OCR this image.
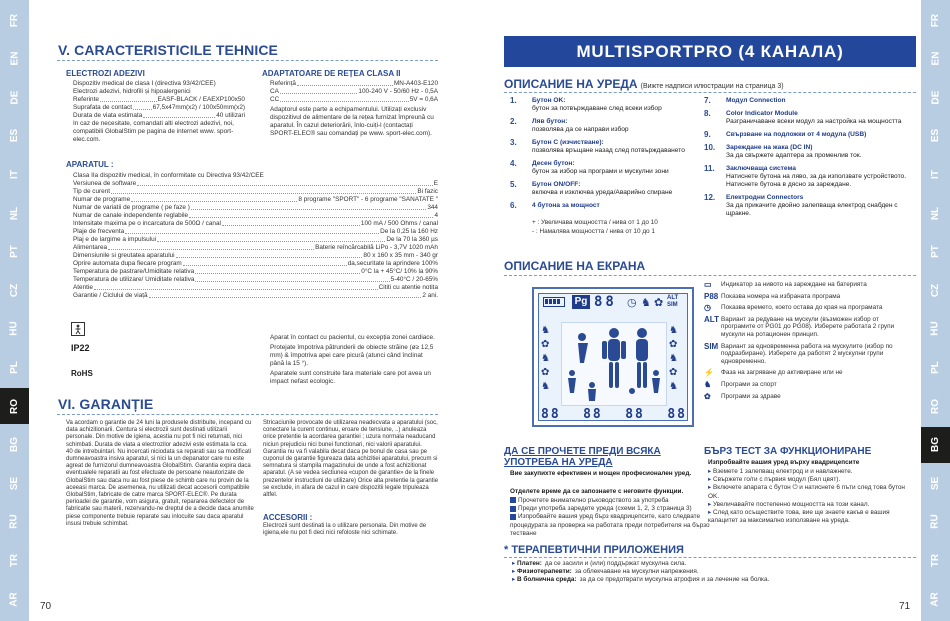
FR
EN
DE
ES
IT
NL
PT
CZ
HU
PL
RO
BG
SE
RU
TR
AR
FR
EN
DE
ES
IT
NL
PT
CZ
HU
PL
RO
BG
SE
RU
TR
AR
70	71
V. CARACTERISTICILE TEHNICE
ELECTROZI ADEZIVI
Dispozitiv medical de clasa I (directiva 93/42/CEE)
Electrozi adezivi, hidrofili și hipoalergenici
Referinte	EASF-BLACK / EAEXP100x50
Suprafata de contact	67,5x47mm(x2) / 100x50mm(x2)
Durata de viata estimata	40 utilizari
In caz de necesitate, comandati alti electrozi adezivi, noi, compatibili GlobalStim pe pagina de internet www. sport-elec.com.
ADAPTATOARE DE REȚEA CLASA II
Referință	MN-A403-E120
CA	100-240 V - 50/60 Hz - 0,5A
CC	5V = 0,6A
Adaptorul este parte a echipamentului. Utilizați exclusiv dispozitivul de alimentare de la rețea furnizat împreună cu aparatul. În cazul deteriorării, înlo-cuiți-l (contactați SPORT-ELEC® sau comandați pe www. sport-elec.com).
APARATUL :
Clasa IIa dispozitiv medical, în conformitate cu Directiva 93/42/CEE
Versiunea de software	E
Tip de curent	Bi fazic
Numar de programe	8 programe "SPORT" - 6 programe "SANATATE "
Numar de variatii de programe ( pe faze )	344
Numar de canale independente reglabile	4
Intensitate maxima pe o incarcatura de 500Ω / canal	100 mA / 500 Ohms / canal
Plaje de frecventa	De la 0,25 la 160 Hz
Plaj e de largime a impulsului	De la 70 la 360 µs
Alimentarea	Baterie reîncărcabilă LiPo - 3,7V 1020 mAh
Dimensiunile si greutatea aparatului	80 x 160 x 35 mm - 340 gr
Oprire automata dupa fiecare program	da,securitate la aprindere 100%
Temperatura de pastrare/Umiditate relativa	0°C la + 45°C/ 10% la 90%
Temperatura de utilizare/ Umiditate relativa	5-40°C / 20-65%
Atentie	Cititi cu atentie notita
Garantie / Ciclului de viață	2 ani.

Aparat în contact cu pacientul, cu excepția zonei cardiace.
IP22	Protejate împotriva pătrunderii de obiecte străine (ø≥ 12,5 mm) & împotriva apei care picură (atunci când înclinat până la 15 °).
RoHS	Aparatele sunt construite fara materiale care pot avea un impact nefast ecologic.
VI. GARANȚIE
Va acordam o garantie de 24 luni la produsele distribuite, incepand cu data achizitionarii. Centura si electrozii sunt destinati utilizarii personale. Din motive de igiena, acestia nu pot fi nici returnati, nici schimbati. Durata de viata a electrozilor adezivi este estimata la cca. 40 de intrebuintari. Nu incercati niciodata sa reparati sau sa modificati dumneavoastra insiva aparatul, si nici la un depanator care nu este agreat de furnizorul dumneavoastra GlobalStim. Garantia expira daca eventualele reparatii au fost efectuate de persoane neautorizate de GlobalStim sau daca nu au fost piese de schimb care nu provin de la aceeasi marca. De asemenea, nu utilizati decat accesorii compatibile GlobalStim, fabricate de catre marca SPORT-ELEC®. Pe durata perioadei de garantie, vom asigura, gratuit, repararea defectelor de fabricatie sau materii, rezervandu-ne dreptul de a decide daca anumite piese componente trebuie reparate sau inlocuite sau daca aparatul insusi trebuie schimbat.
Stricaciunile provocate de utilizarea neadecvata a aparatului (soc, conectare la curent continuu, eroare de tensiune, ..) anuleaza orice pretentie la acordarea garantiei ; uzura normala neaducand niciun prejudiciu nici bunei functionari, nici valorii aparatului. Garantia nu va fi valabila decat daca pe bonul de casa sau pe cuponul de garantie figureaza data achizitiei aparatului, precum si semnatura si stampila magazinului de unde a fost achizitionat aparatul. (A se vedea sectiunea «cupon de garantie» de la finele prezentelor instructiuni de utilizare) Orice alta pretentie la garantie se exclude, in afara de cazul in care dispozitii legale tripuleaza altfel.
ACCESORII :
Electrozii sunt destinati la o utilizare personala. Din motive de igiena,ele nu pot fi deci nici refoloste nici schimate.
MULTISPORTPRO (4 КАНАЛА)
ОПИСАНИЕ НА УРЕДА (Вижте надписи илюстрации на страница 3)
1.	Бутон OK:
бутон за потвърждаване след всеки избор
2.	Ляв бутон:
позволява да се направи избор
3.	Бутон C (изчистване):
позволява връщане назад след потвърждаването
4.	Десен бутон:
бутон за избор на програми и мускулни зони
5.	Бутон ON/OFF:
включва и изключва уреда/Аварийно спиране
6.	4 бутона за мощност
+ : Увеличава мощността / нива от 1 до 10
- : Намалява мощността / нива от 10 до 1
7.	Модул Connection
8.	Color Indicator Module
Разграничаване всеки модул за настройка на мощността
9.	Свързване на подложки от 4 модула (USB)
10.	Зареждане на жака (DC IN)
За да свържете адаптера за променлив ток.
11.	Заключващa система
Натиснете бутона на ляво, за да използвате устройството. Натиснете бутона в дясно за зареждане.
12.	Електродни Connectors
За да прикачите двойно залепваща електрод снабден с щракне.
ОПИСАНИЕ НА ЕКРАНА
Pg 88 ◷ ♞ ✿ ALT
SIM
♞
✿
♞
✿
♞
♞
✿
♞
✿
♞
88 88 88 88
▭	Индикатор за нивото на зареждане на батерията
P88 Показва номера на избраната програма
◷	Показва времето, което остава до края на програмата
ALT Вариант за редуване на мускули (възможен избор от програмите от PG01 до PG08). Изберете работата 2 групи мускули на ротационен принцип.
SIM Вариант за едновременна работа на мускулите (избор по подразбиране). Изберете да работят 2 мускулни групи едновременно.
⚡	Фаза на загряване до активиране или не
♞	Програми за спорт
✿	Програми за здраве
ДА СЕ ПРОЧЕТЕ ПРЕДИ ВСЯКА УПОТРЕБА НА УРЕДА
Вие закупихте ефективен и мощен професионален уред.
Отделете време да се запознаете с неговите функции.
Прочетете внимателно ръководството за употреба
Преди употреба заредете уреда (схеми 1, 2, 3 страница 3)
Изпробвайте вашия уред бърз квадрицепсите, като следвате процедурата за проверка на работата преди потребителя на бързо тестване
БЪРЗ ТЕСТ ЗА ФУНКЦИОНИРАНЕ
Изпробвайте вашия уред върху квадрицепсите
▸ Вземете 1 залепващ електрод и и навлажнете.
▸ Свържете го/ги с първия модул (Бял цвят).
▸ Включете апарата с бутон ⏻ и натиснете 6 пъти след това бутон OK.
▸ Увеличавайте постепенно мощността на този канал.
▸ След като осъществите това, вие ще знаете какъв е вашия капацитет за максимално използване на уреда.
* ТЕРАПЕВТИЧНИ ПРИЛОЖЕНИЯ
▸ Платен: да се засили и (или) поддържат мускулна сила.
▸ Физиотерапевти: за облекчаване на мускулни напрежения.
▸ В болнична среда: за да се предотврати мускулна атрофия и за лечение на болка.
